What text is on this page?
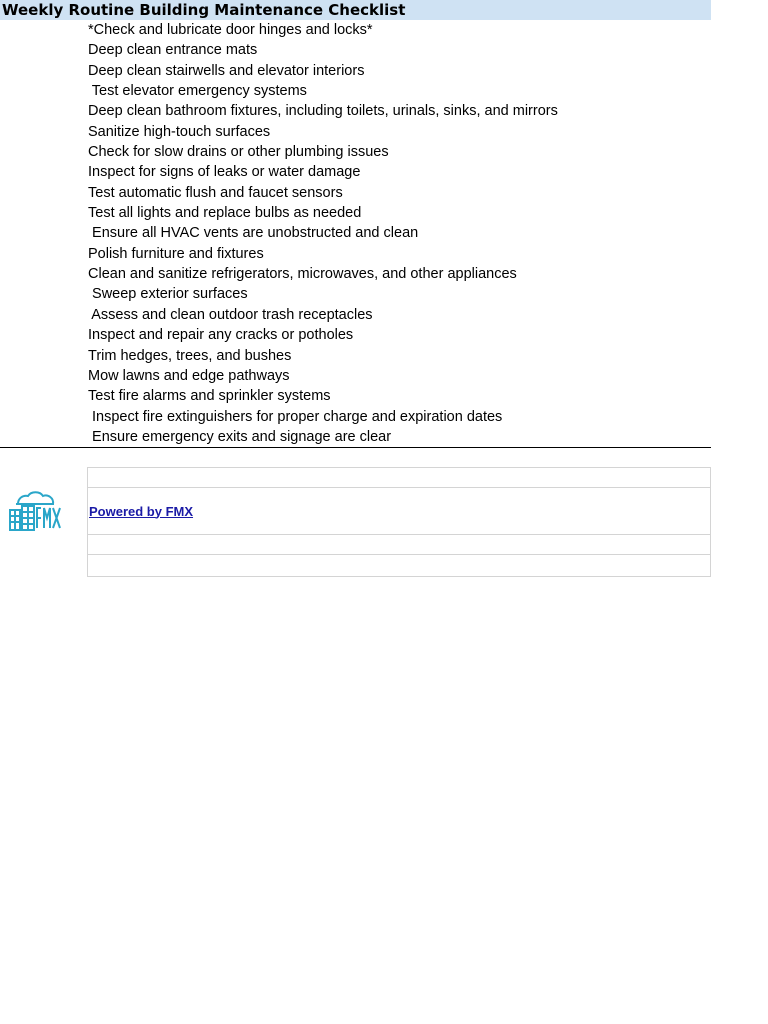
Weekly Routine Building Maintenance Checklist
*Check and lubricate door hinges and locks*
Deep clean entrance mats
Deep clean stairwells and elevator interiors
Test elevator emergency systems
Deep clean bathroom fixtures, including toilets, urinals, sinks, and mirrors
Sanitize high-touch surfaces
Check for slow drains or other plumbing issues
Inspect for signs of leaks or water damage
Test automatic flush and faucet sensors
Test all lights and replace bulbs as needed
Ensure all HVAC vents are unobstructed and clean
Polish furniture and fixtures
Clean and sanitize refrigerators, microwaves, and other appliances
Sweep exterior surfaces
Assess and clean outdoor trash receptacles
Inspect and repair any cracks or potholes
Trim hedges, trees, and bushes
Mow lawns and edge pathways
Test fire alarms and sprinkler systems
Inspect fire extinguishers for proper charge and expiration dates
Ensure emergency exits and signage are clear
Powered by FMX
